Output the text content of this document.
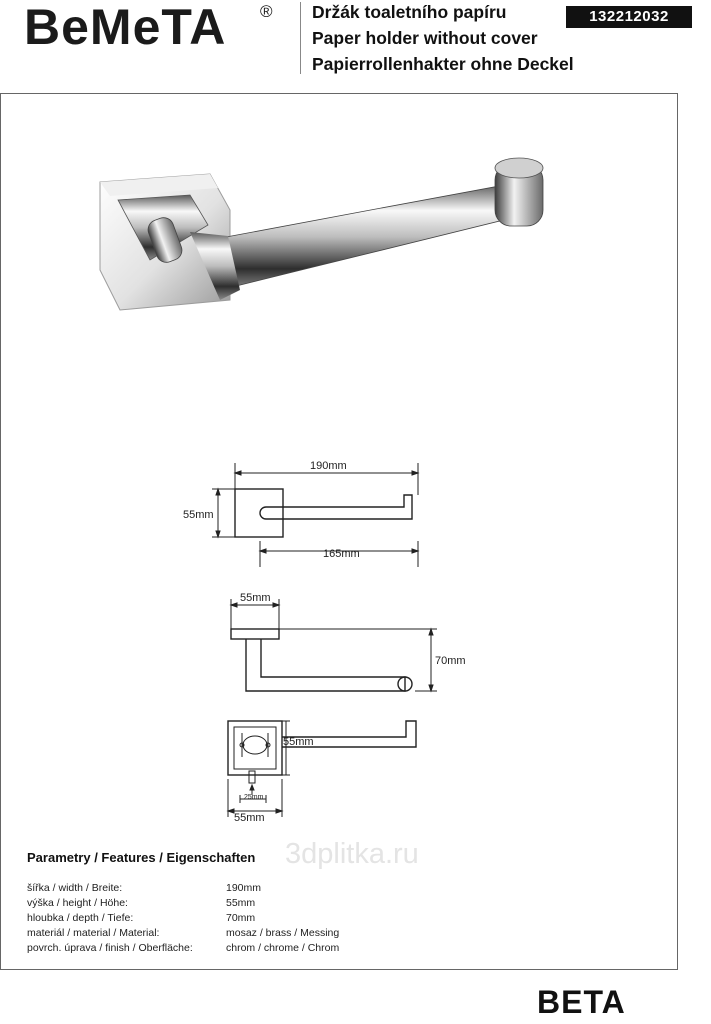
BeMeTA ® Držák toaletního papíru
Paper holder without cover
Papierrollenhakter ohne Deckel
132212032
190mm
55mm
165mm
55mm
70mm
55mm
25mm
55mm
3dplitka.ru
Parametry / Features / Eigenschaften
šířka / width / Breite:	190mm
výška / height / Höhe:	55mm
hloubka / depth / Tiefe:	70mm
materiál / material / Material:	mosaz / brass / Messing
povrch. úprava / finish / Oberfläche:	chrom / chrome / Chrom
BETA
